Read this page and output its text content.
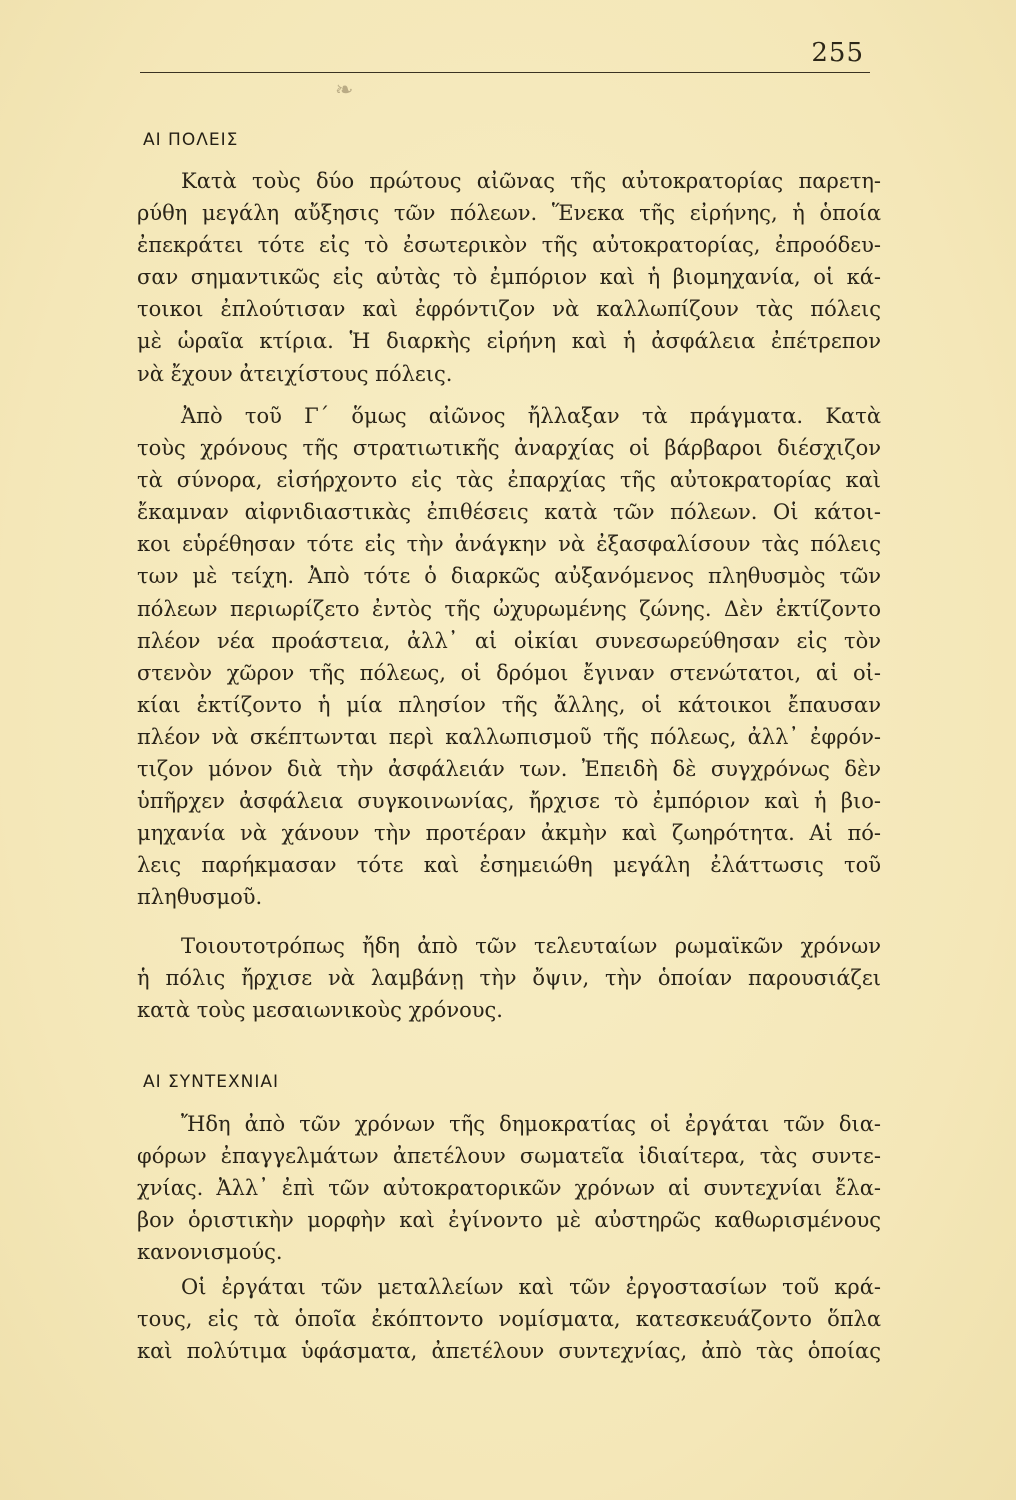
255
❧
ΑΙ ΠΟΛΕΙΣ
Κατὰ τοὺς δύο πρώτους αἰῶνας τῆς αὐτοκρατορίας παρετη-
ρύθη μεγάλη αὔξησις τῶν πόλεων. Ἕνεκα τῆς εἰρήνης, ἡ ὁποία
ἐπεκράτει τότε εἰς τὸ ἐσωτερικὸν τῆς αὐτοκρατορίας, ἐπροόδευ-
σαν σημαντικῶς εἰς αὐτὰς τὸ ἐμπόριον καὶ ἡ βιομηχανία, οἱ κά-
τοικοι ἐπλούτισαν καὶ ἐφρόντιζον νὰ καλλωπίζουν τὰς πόλεις
μὲ ὡραῖα κτίρια. Ἡ διαρκὴς εἰρήνη καὶ ἡ ἀσφάλεια ἐπέτρεπον
νὰ ἔχουν ἀτειχίστους πόλεις.
Ἀπὸ τοῦ Γ΄ ὅμως αἰῶνος ἤλλαξαν τὰ πράγματα. Κατὰ
τοὺς χρόνους τῆς στρατιωτικῆς ἀναρχίας οἱ βάρβαροι διέσχιζον
τὰ σύνορα, εἰσήρχοντο εἰς τὰς ἐπαρχίας τῆς αὐτοκρατορίας καὶ
ἔκαμναν αἰφνιδιαστικὰς ἐπιθέσεις κατὰ τῶν πόλεων. Οἱ κάτοι-
κοι εὑρέθησαν τότε εἰς τὴν ἀνάγκην νὰ ἐξασφαλίσουν τὰς πόλεις
των μὲ τείχη. Ἀπὸ τότε ὁ διαρκῶς αὐξανόμενος πληθυσμὸς τῶν
πόλεων περιωρίζετο ἐντὸς τῆς ὠχυρωμένης ζώνης. Δὲν ἐκτίζοντο
πλέον νέα προάστεια, ἀλλ᾽ αἱ οἰκίαι συνεσωρεύθησαν εἰς τὸν
στενὸν χῶρον τῆς πόλεως, οἱ δρόμοι ἔγιναν στενώτατοι, αἱ οἰ-
κίαι ἐκτίζοντο ἡ μία πλησίον τῆς ἄλλης, οἱ κάτοικοι ἔπαυσαν
πλέον νὰ σκέπτωνται περὶ καλλωπισμοῦ τῆς πόλεως, ἀλλ᾽ ἐφρόν-
τιζον μόνον διὰ τὴν ἀσφάλειάν των. Ἐπειδὴ δὲ συγχρόνως δὲν
ὑπῆρχεν ἀσφάλεια συγκοινωνίας, ἤρχισε τὸ ἐμπόριον καὶ ἡ βιο-
μηχανία νὰ χάνουν τὴν προτέραν ἀκμὴν καὶ ζωηρότητα. Αἱ πό-
λεις παρήκμασαν τότε καὶ ἐσημειώθη μεγάλη ἐλάττωσις τοῦ
πληθυσμοῦ.
Τοιουτοτρόπως ἤδη ἀπὸ τῶν τελευταίων ρωμαϊκῶν χρόνων
ἡ πόλις ἤρχισε νὰ λαμβάνῃ τὴν ὄψιν, τὴν ὁποίαν παρουσιάζει
κατὰ τοὺς μεσαιωνικοὺς χρόνους.
ΑΙ ΣΥΝΤΕΧΝΙΑΙ
Ἤδη ἀπὸ τῶν χρόνων τῆς δημοκρατίας οἱ ἐργάται τῶν δια-
φόρων ἐπαγγελμάτων ἀπετέλουν σωματεῖα ἰδιαίτερα, τὰς συντε-
χνίας. Ἀλλ᾽ ἐπὶ τῶν αὐτοκρατορικῶν χρόνων αἱ συντεχνίαι ἔλα-
βον ὁριστικὴν μορφὴν καὶ ἐγίνοντο μὲ αὐστηρῶς καθωρισμένους
κανονισμούς.
Οἱ ἐργάται τῶν μεταλλείων καὶ τῶν ἐργοστασίων τοῦ κρά-
τους, εἰς τὰ ὁποῖα ἐκόπτοντο νομίσματα, κατεσκευάζοντο ὅπλα
καὶ πολύτιμα ὑφάσματα, ἀπετέλουν συντεχνίας, ἀπὸ τὰς ὁποίας
